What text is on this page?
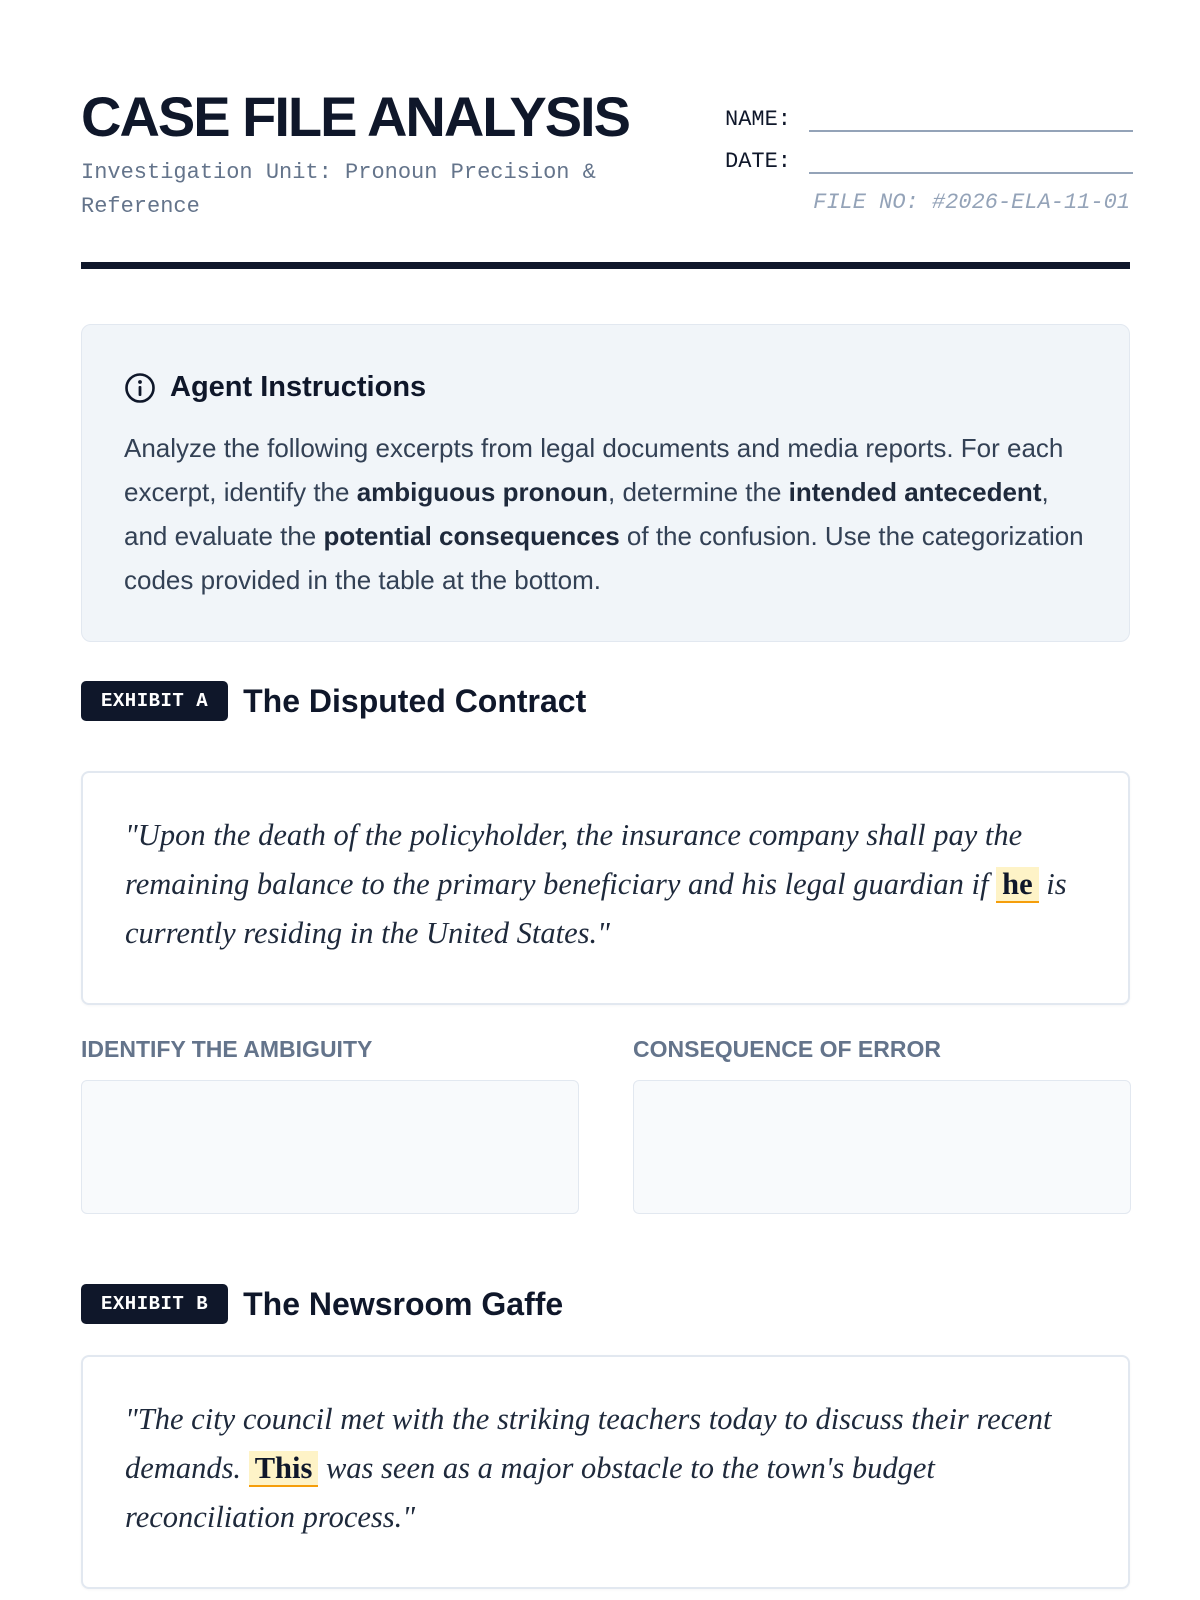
CASE FILE ANALYSIS
Investigation Unit: Pronoun Precision & Reference
NAME:
DATE:
FILE NO: #2026-ELA-11-01
Agent Instructions

Analyze the following excerpts from legal documents and media reports. For each excerpt, identify the ambiguous pronoun, determine the intended antecedent, and evaluate the potential consequences of the confusion. Use the categorization codes provided in the table at the bottom.

EXHIBIT A	The Disputed Contract

"Upon the death of the policyholder, the insurance company shall pay the remaining balance to the primary beneficiary and his legal guardian if he is currently residing in the United States."

IDENTIFY THE AMBIGUITY	CONSEQUENCE OF ERROR
EXHIBIT B	The Newsroom Gaffe

"The city council met with the striking teachers today to discuss their recent demands. This was seen as a major obstacle to the town's budget reconciliation process."
